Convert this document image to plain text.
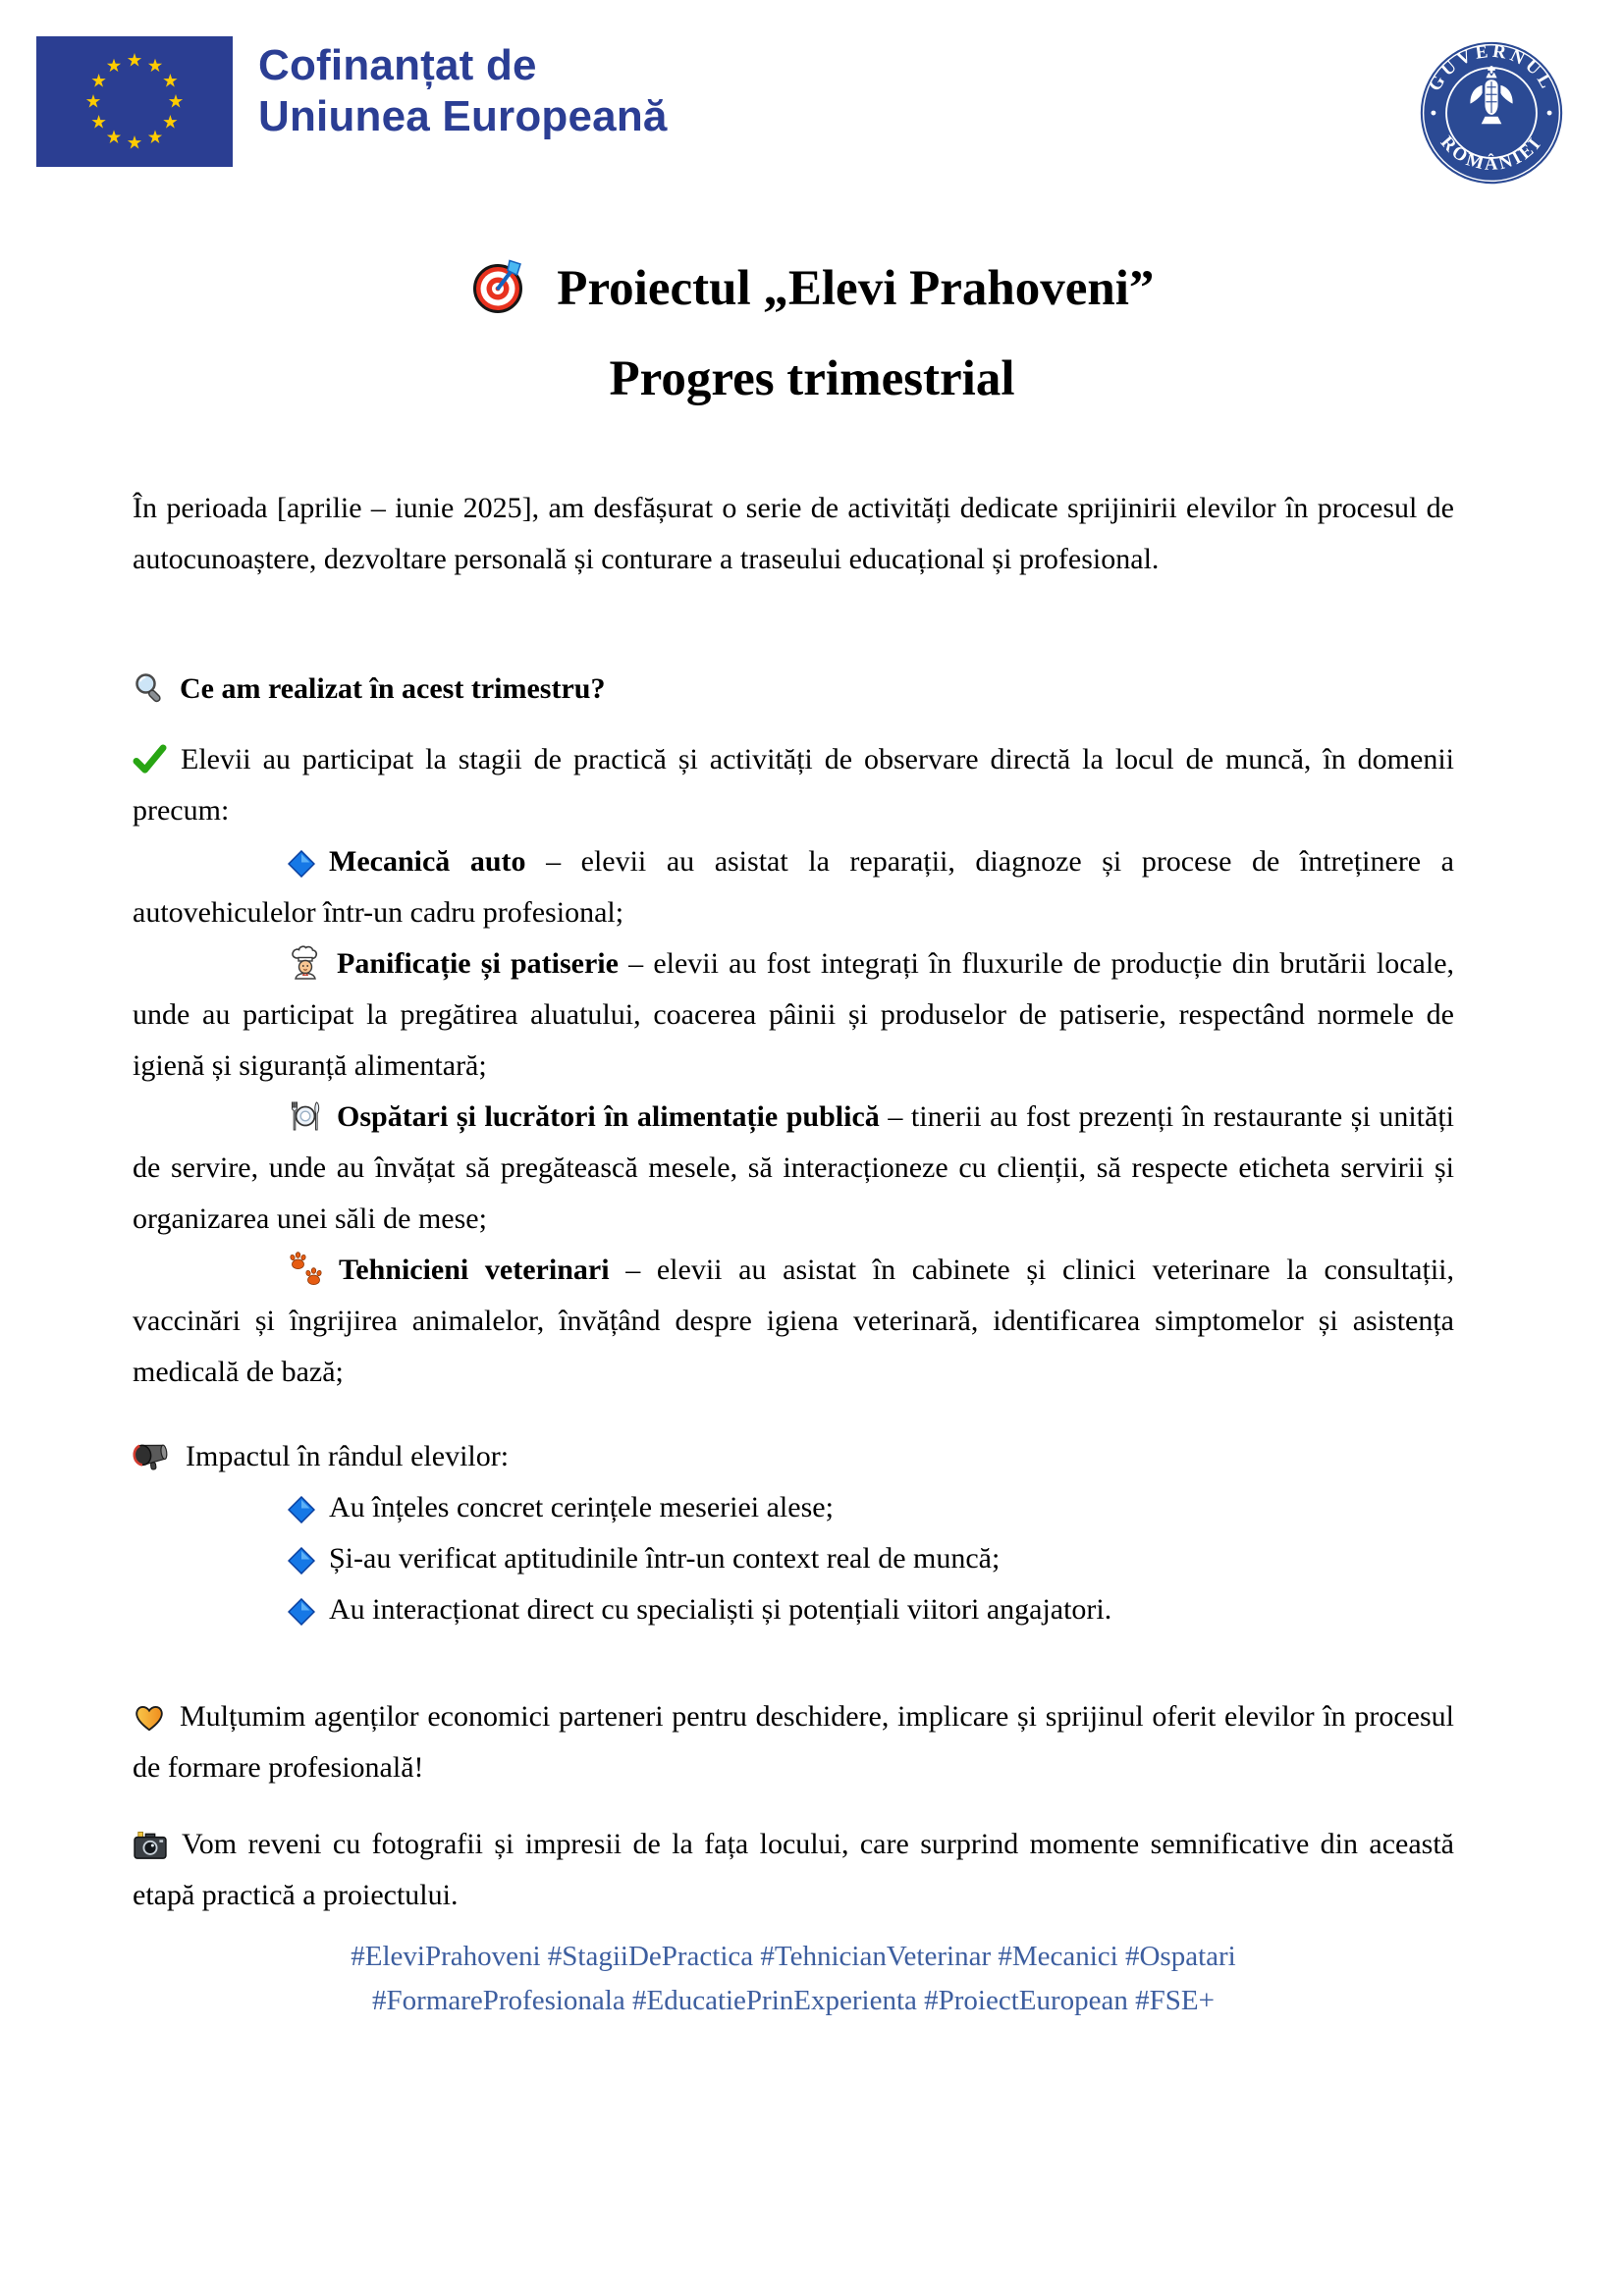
Cofinanțat de
Uniunea Europeană
GUVERNUL
ROMÂNIEI
Proiectul „Elevi Prahoveni”
Progres trimestrial

În perioada [aprilie – iunie 2025], am desfășurat o serie de activități dedicate sprijinirii elevilor în procesul de autocunoaștere, dezvoltare personală și conturare a traseului educațional și profesional.

Ce am realizat în acest trimestru?

Elevii au participat la stagii de practică și activități de observare directă la locul de muncă, în domenii precum:

Mecanică auto – elevii au asistat la reparații, diagnoze și procese de întreținere a autovehiculelor într-un cadru profesional;

Panificație și patiserie – elevii au fost integrați în fluxurile de producție din brutării locale, unde au participat la pregătirea aluatului, coacerea pâinii și produselor de patiserie, respectând normele de igienă și siguranță alimentară;

Ospătari și lucrători în alimentație publică – tinerii au fost prezenți în restaurante și unități de servire, unde au învățat să pregătească mesele, să interacționeze cu clienții, să respecte eticheta servirii și organizarea unei săli de mese;

Tehnicieni veterinari – elevii au asistat în cabinete și clinici veterinare la consultații, vaccinări și îngrijirea animalelor, învățând despre igiena veterinară, identificarea simptomelor și asistența medicală de bază;

Impactul în rândul elevilor:

Au înțeles concret cerințele meseriei alese;

Și-au verificat aptitudinile într-un context real de muncă;

Au interacționat direct cu specialiști și potențiali viitori angajatori.

Mulțumim agenților economici parteneri pentru deschidere, implicare și sprijinul oferit elevilor în procesul de formare profesională!

Vom reveni cu fotografii și impresii de la fața locului, care surprind momente semnificative din această etapă practică a proiectului.

#EleviPrahoveni #StagiiDePractica #TehnicianVeterinar #Mecanici #Ospatari
#FormareProfesionala #EducatiePrinExperienta #ProiectEuropean #FSE+
